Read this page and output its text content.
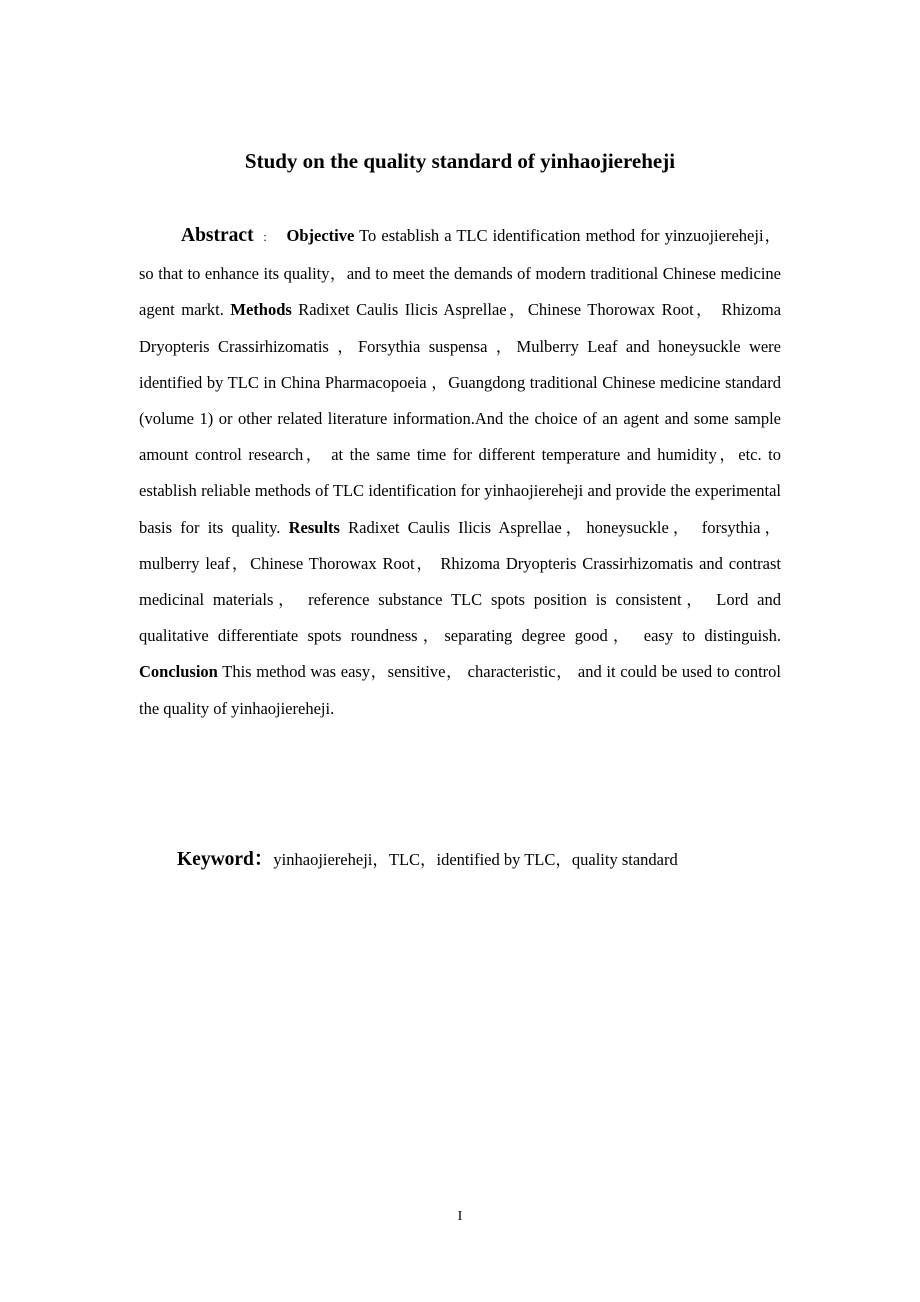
Study on the quality standard of yinhaojiereheji

Abstract ： Objective To establish a TLC identification method for yinzuojiereheji，so that to enhance its quality，and to meet the demands of modern traditional Chinese medicine agent markt. Methods Radixet Caulis Ilicis Asprellae，Chinese Thorowax Root， Rhizoma Dryopteris Crassirhizomatis ，Forsythia suspensa ，Mulberry Leaf and honeysuckle were identified by TLC in China Pharmacopoeia ，Guangdong traditional Chinese medicine standard (volume 1) or other related literature information.And the choice of an agent and some sample amount control research， at the same time for different temperature and humidity，etc. to establish reliable methods of TLC identification for yinhaojiereheji and provide the experimental basis for its quality. Results Radixet Caulis Ilicis Asprellae，honeysuckle， forsythia， mulberry leaf，Chinese Thorowax Root， Rhizoma Dryopteris Crassirhizomatis and contrast medicinal materials， reference substance TLC spots position is consistent， Lord and qualitative differentiate spots roundness，separating degree good， easy to distinguish. Conclusion This method was easy，sensitive， characteristic， and it could be used to control the quality of yinhaojiereheji.

Keyword：yinhaojiereheji，TLC，identified by TLC，quality standard

I
